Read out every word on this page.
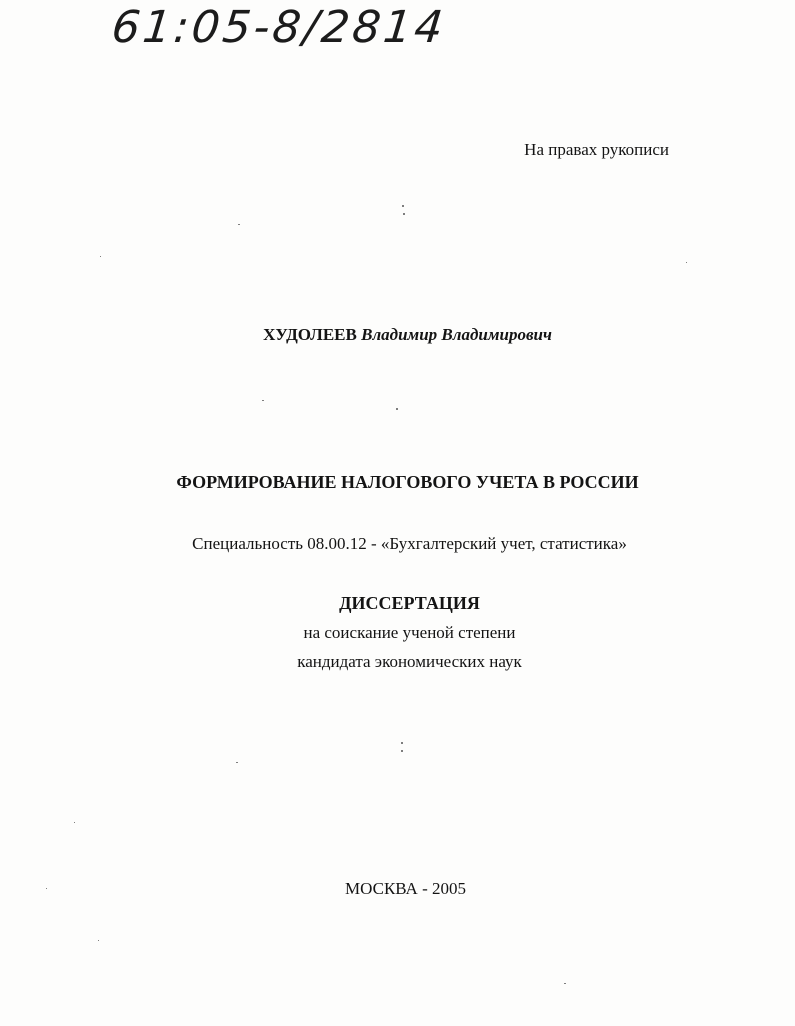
61:05-8/2814
На правах рукописи
ХУДОЛЕЕВ Владимир Владимирович
ФОРМИРОВАНИЕ НАЛОГОВОГО УЧЕТА В РОССИИ
Специальность 08.00.12 - «Бухгалтерский учет, статистика»
ДИССЕРТАЦИЯ
на соискание ученой степени
кандидата экономических наук
МОСКВА - 2005
